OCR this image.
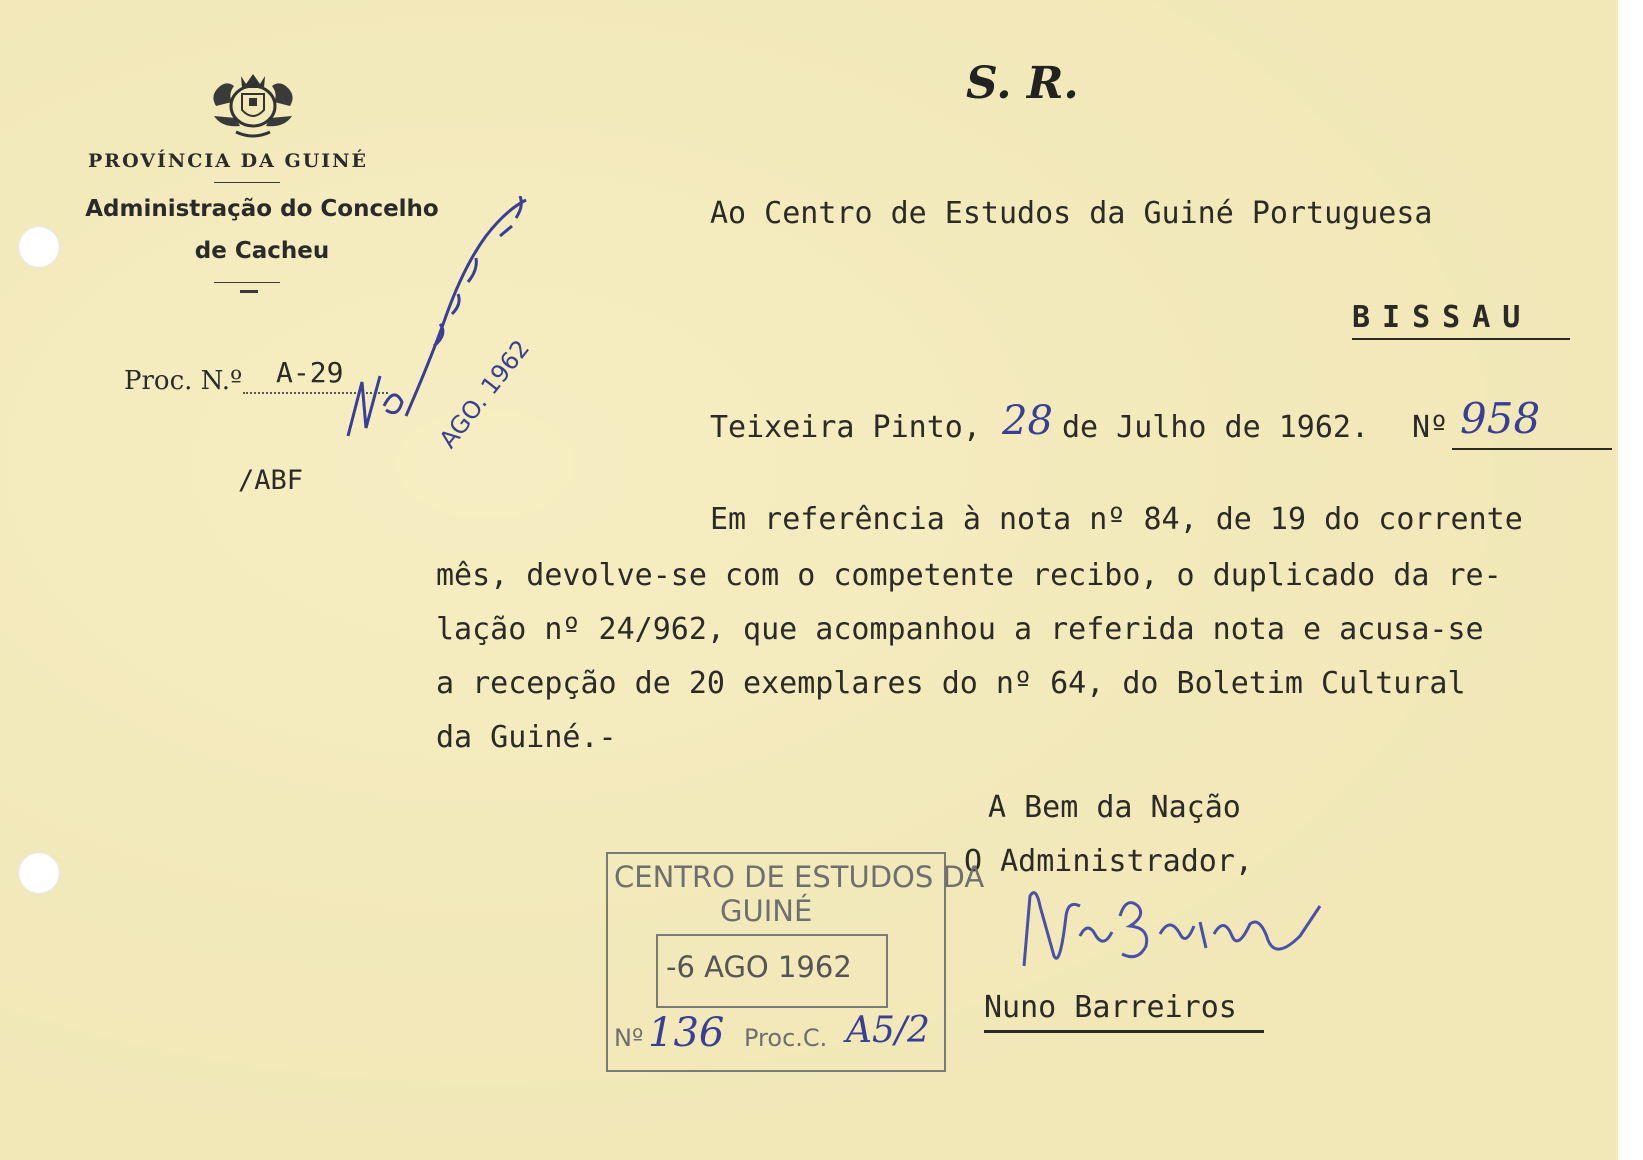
PROVÍNCIA DA GUINÉ
Administração do Concelho
de Cacheu
Proc. N.º A-29
/ABF
AGO. 1962
S. R.
Ao Centro de Estudos da Guiné Portuguesa
BISSAU
Teixeira Pinto, 28 de Julho de 1962. Nº 958
Em referência à nota nº 84, de 19 do corrente
mês, devolve-se com o competente recibo, o duplicado da re-
lação nº 24/962, que acompanhou a referida nota e acusa-se
a recepção de 20 exemplares do nº 64, do Boletim Cultural
da Guiné.-
A Bem da Nação
O Administrador,
Nuno Barreiros
CENTRO DE ESTUDOS DA
GUINÉ
-6 AGO 1962
Nº 136 Proc.C. A5/2
